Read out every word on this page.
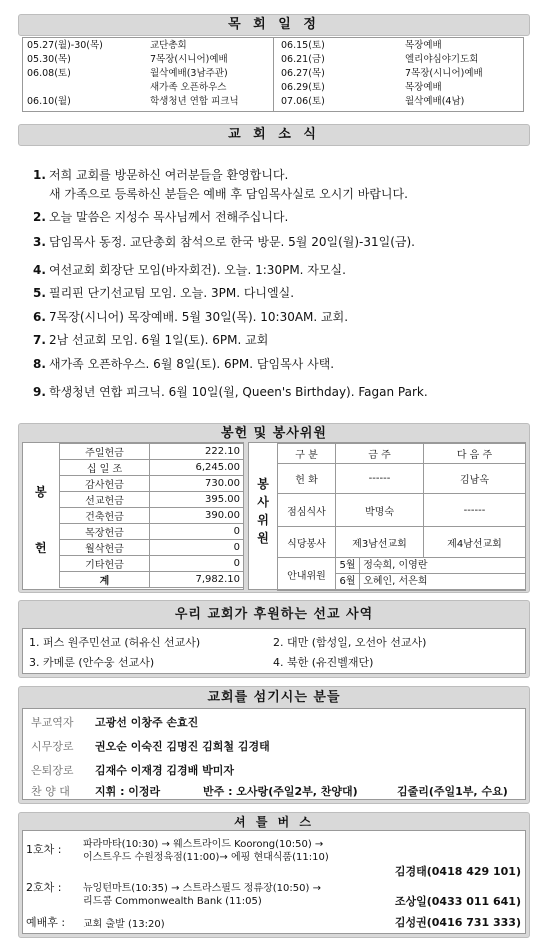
목 회 일 정
05.27(월)-30(목)	교단총회
05.30(목)	7목장(시니어)예배
06.08(토)	월삭예배(3남주관)
새가족 오픈하우스
06.10(월)	학생청년 연합 피크닉
06.15(토)	목장예배
06.21(금)	엘리야심야기도회
06.27(목)	7목장(시니어)예배
06.29(토)	목장예배
07.06(토)	월삭예배(4남)
교 회 소 식
1. 저희 교회를 방문하신 여러분들을 환영합니다.
새 가족으로 등록하신 분들은 예배 후 담임목사실로 오시기 바랍니다.
2. 오늘 말씀은 지성수 목사님께서 전해주십니다.
3. 담임목사 동정. 교단총회 참석으로 한국 방문. 5월 20일(월)-31일(금).
4. 여선교회 회장단 모임(바자회건). 오늘. 1:30PM. 자모실.
5. 필리핀 단기선교팀 모임. 오늘. 3PM. 다니엘실.
6. 7목장(시니어) 목장예배. 5월 30일(목). 10:30AM. 교회.
7. 2남 선교회 모임. 6월 1일(토). 6PM. 교회
8. 새가족 오픈하우스. 6월 8일(토). 6PM. 담임목사 사택.
9. 학생청년 연합 피크닉. 6월 10일(월, Queen's Birthday). Fagan Park.
봉헌 및 봉사위원
봉
헌
주일헌금	222.10
십 일 조	6,245.00
감사헌금	730.00
선교헌금	395.00
건축헌금	390.00
목장헌금	0
월삭헌금	0
기타헌금	0
계	7,982.10
봉
사
위
원
구 분	금 주	다 음 주
헌 화	------	김남옥
점심식사	박명숙	------
식당봉사	제3남선교회	제4남선교회
안내위원	5월 정숙희, 이영란
6월 오혜인, 서은희	
우리 교회가 후원하는 선교 사역
1. 퍼스 원주민선교 (허유신 선교사)	2. 대만 (함성일, 오선아 선교사)
3. 카메룬 (안수웅 선교사)	4. 북한 (유진벨재단)
교회를 섬기시는 분들
부교역자 고광선 이창주 손효진
시무장로 권오순 이숙진 김명진 김희철 김경태
은퇴장로 김재수 이재경 김경배 박미자
찬 양 대 지휘 : 이정라	반주 : 오사랑(주일2부, 찬양대)	김줄리(주일1부, 수요)
셔 틀 버 스
1호차 : 파라마타(10:30) → 웨스트라이드 Koorong(10:50) →
이스트우드 수원정육점(11:00)→ 에핑 현대식품(11:10)
김경태(0418 429 101)
2호차 : 뉴잉턴마트(10:35) → 스트라스필드 정류장(10:50) →
리드콤 Commonwealth Bank (11:05)	조상일(0433 011 641)
예배후 : 교회 출발 (13:20)	김성권(0416 731 333)
